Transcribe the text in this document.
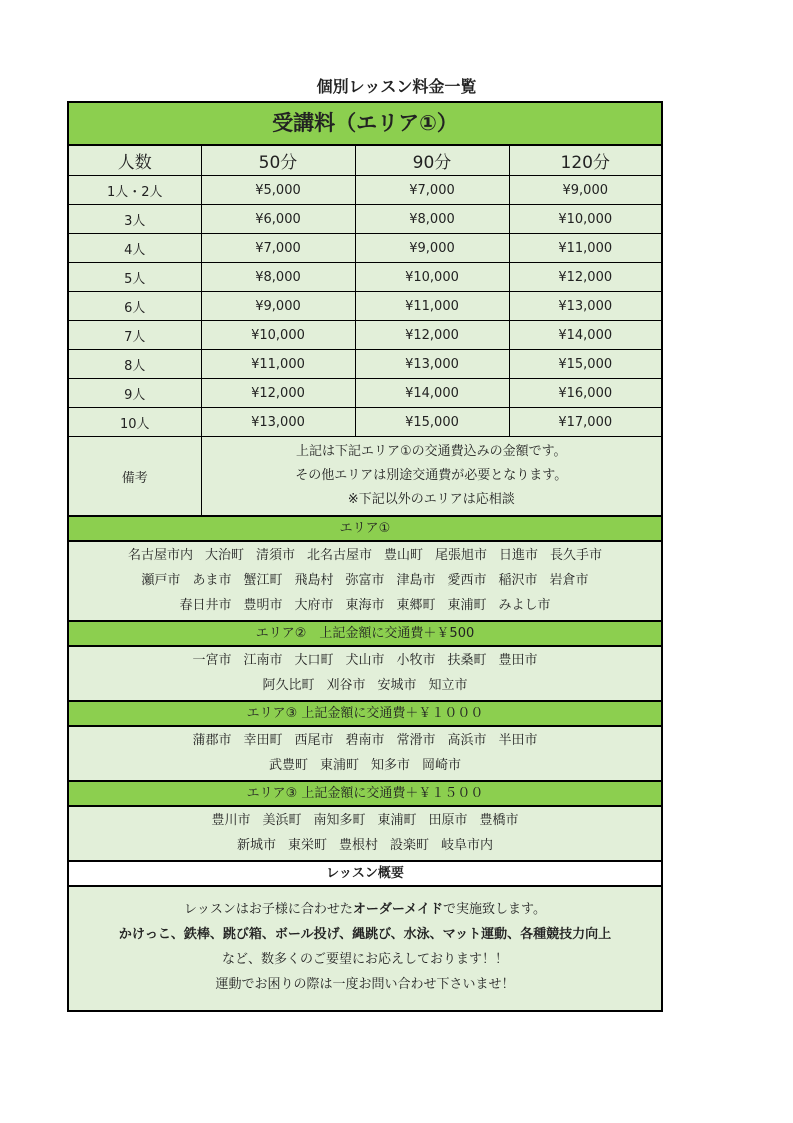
個別レッスン料金一覧
受講料（エリア①）
人数	50分	90分	120分
1人・2人	¥5,000	¥7,000	¥9,000
3人	¥6,000	¥8,000	¥10,000
4人	¥7,000	¥9,000	¥11,000
5人	¥8,000	¥10,000	¥12,000
6人	¥9,000	¥11,000	¥13,000
7人	¥10,000	¥12,000	¥14,000
8人	¥11,000	¥13,000	¥15,000
9人	¥12,000	¥14,000	¥16,000
10人	¥13,000	¥15,000	¥17,000
備考	上記は下記エリア①の交通費込みの金額です。
その他エリアは別途交通費が必要となります。
※下記以外のエリアは応相談		
エリア①
名古屋市内 大治町 清須市 北名古屋市 豊山町 尾張旭市 日進市 長久手市
瀬戸市 あま市 蟹江町 飛島村 弥富市 津島市 愛西市 稲沢市 岩倉市
春日井市 豊明市 大府市 東海市 東郷町 東浦町 みよし市
エリア②　上記金額に交通費＋￥500
一宮市 江南市 大口町 犬山市 小牧市 扶桑町 豊田市
阿久比町 刈谷市 安城市 知立市
エリア③ 上記金額に交通費＋￥１０００
蒲郡市 幸田町 西尾市 碧南市 常滑市 高浜市 半田市
武豊町 東浦町 知多市 岡崎市
エリア③ 上記金額に交通費＋￥１５００
豊川市 美浜町 南知多町 東浦町 田原市 豊橋市
新城市 東栄町 豊根村 設楽町 岐阜市内
レッスン概要
レッスンはお子様に合わせたオーダーメイドで実施致します。
かけっこ、鉄棒、跳び箱、ボール投げ、縄跳び、水泳、マット運動、各種競技力向上
など、数多くのご要望にお応えしております！！
運動でお困りの際は一度お問い合わせ下さいませ！
